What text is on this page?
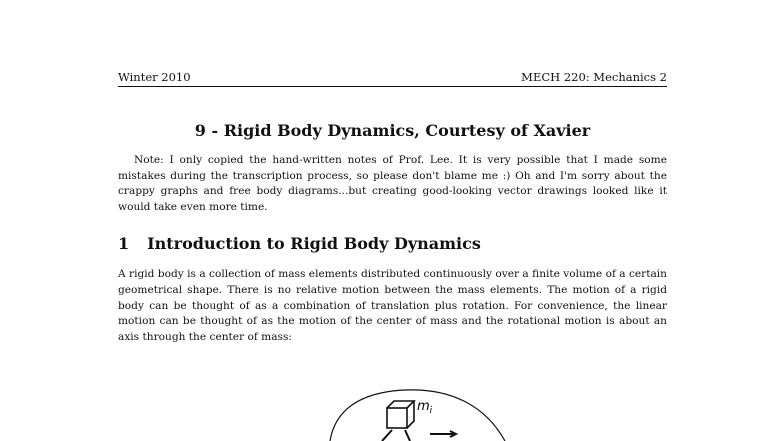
Winter 2010	MECH 220: Mechanics 2
9 - Rigid Body Dynamics, Courtesy of Xavier
Note: I only copied the hand-written notes of Prof. Lee. It is very possible that I made some mistakes during the transcription process, so please don't blame me :) Oh and I'm sorry about the crappy graphs and free body diagrams...but creating good-looking vector drawings looked like it would take even more time.
1 Introduction to Rigid Body Dynamics
A rigid body is a collection of mass elements distributed continuously over a finite volume of a certain geometrical shape. There is no relative motion between the mass elements. The motion of a rigid body can be thought of as a combination of translation plus rotation. For convenience, the linear motion can be thought of as the motion of the center of mass and the rotational motion is about an axis through the center of mass:
$m_i$
